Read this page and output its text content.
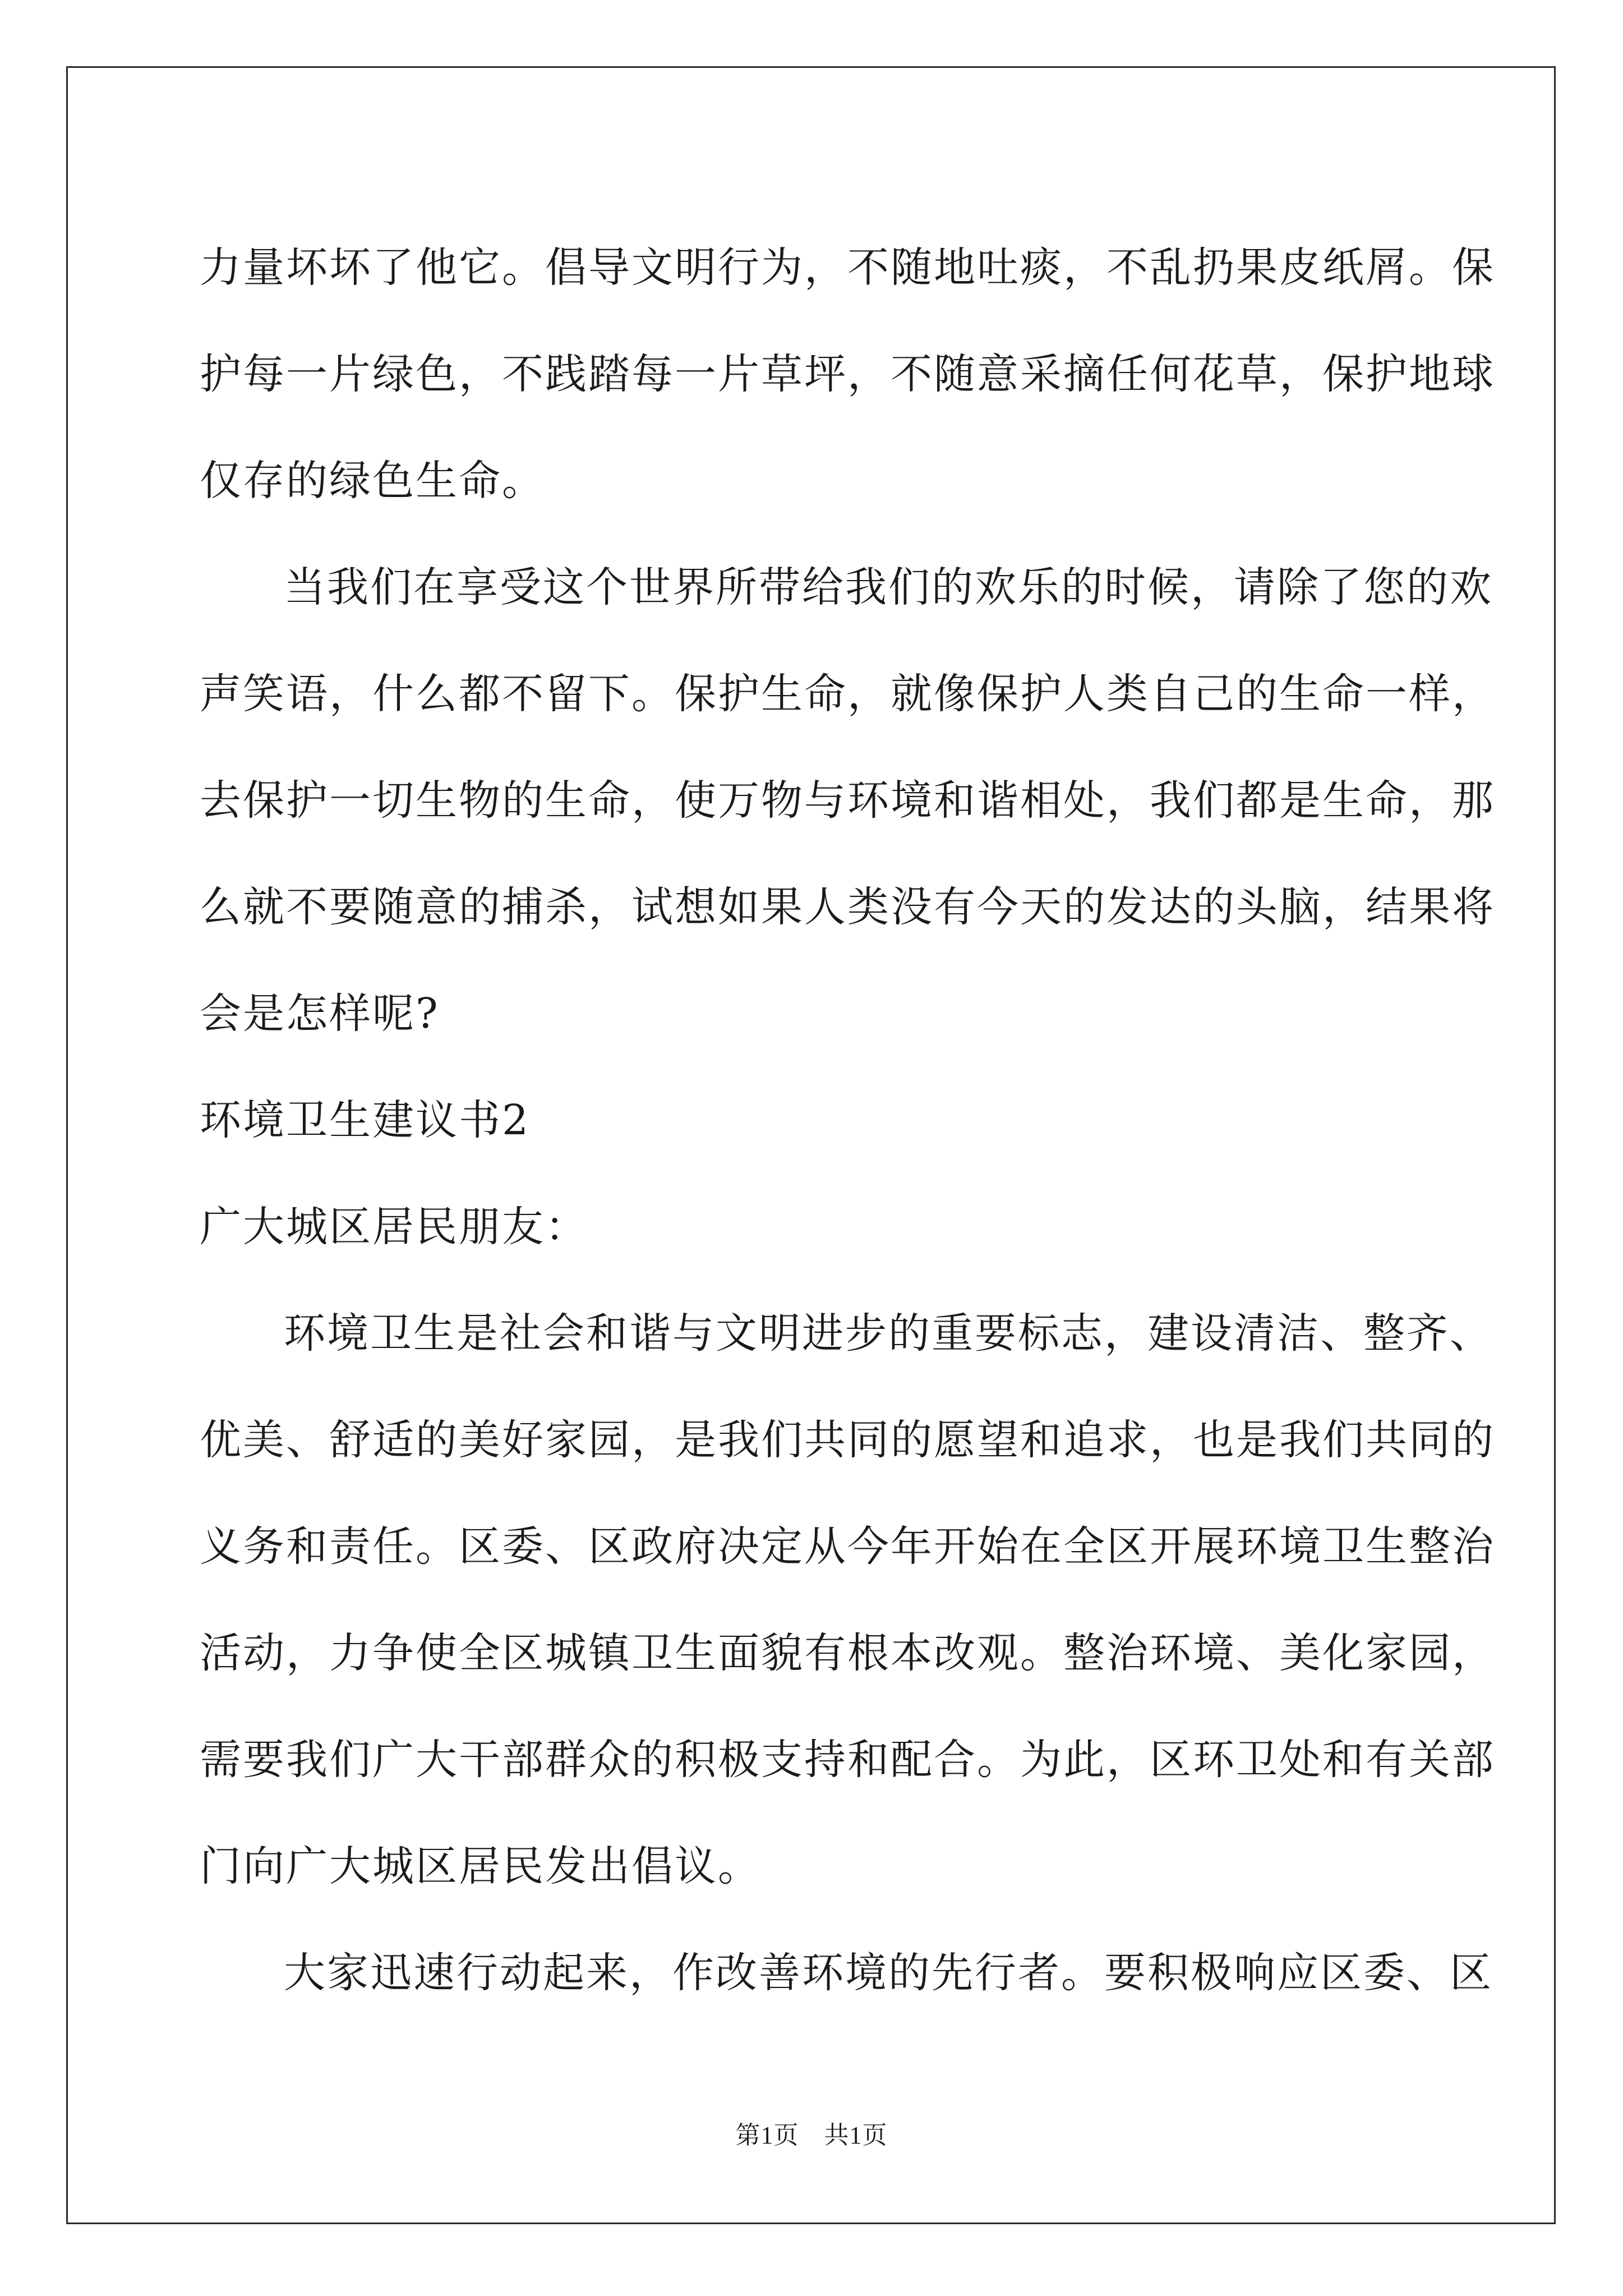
力量坏坏了他它。倡导文明行为，不随地吐痰，不乱扔果皮纸屑。保
护每一片绿色，不践踏每一片草坪，不随意采摘任何花草，保护地球
仅存的绿色生命。
当我们在享受这个世界所带给我们的欢乐的时候，请除了您的欢
声笑语，什么都不留下。保护生命，就像保护人类自己的生命一样，
去保护一切生物的生命，使万物与环境和谐相处，我们都是生命，那
么就不要随意的捕杀，试想如果人类没有今天的发达的头脑，结果将
会是怎样呢?
环境卫生建议书2
广大城区居民朋友：
环境卫生是社会和谐与文明进步的重要标志，建设清洁、整齐、
优美、舒适的美好家园，是我们共同的愿望和追求，也是我们共同的
义务和责任。区委、区政府决定从今年开始在全区开展环境卫生整治
活动，力争使全区城镇卫生面貌有根本改观。整治环境、美化家园，
需要我们广大干部群众的积极支持和配合。为此，区环卫处和有关部
门向广大城区居民发出倡议。
大家迅速行动起来，作改善环境的先行者。要积极响应区委、区
第1页　共1页
